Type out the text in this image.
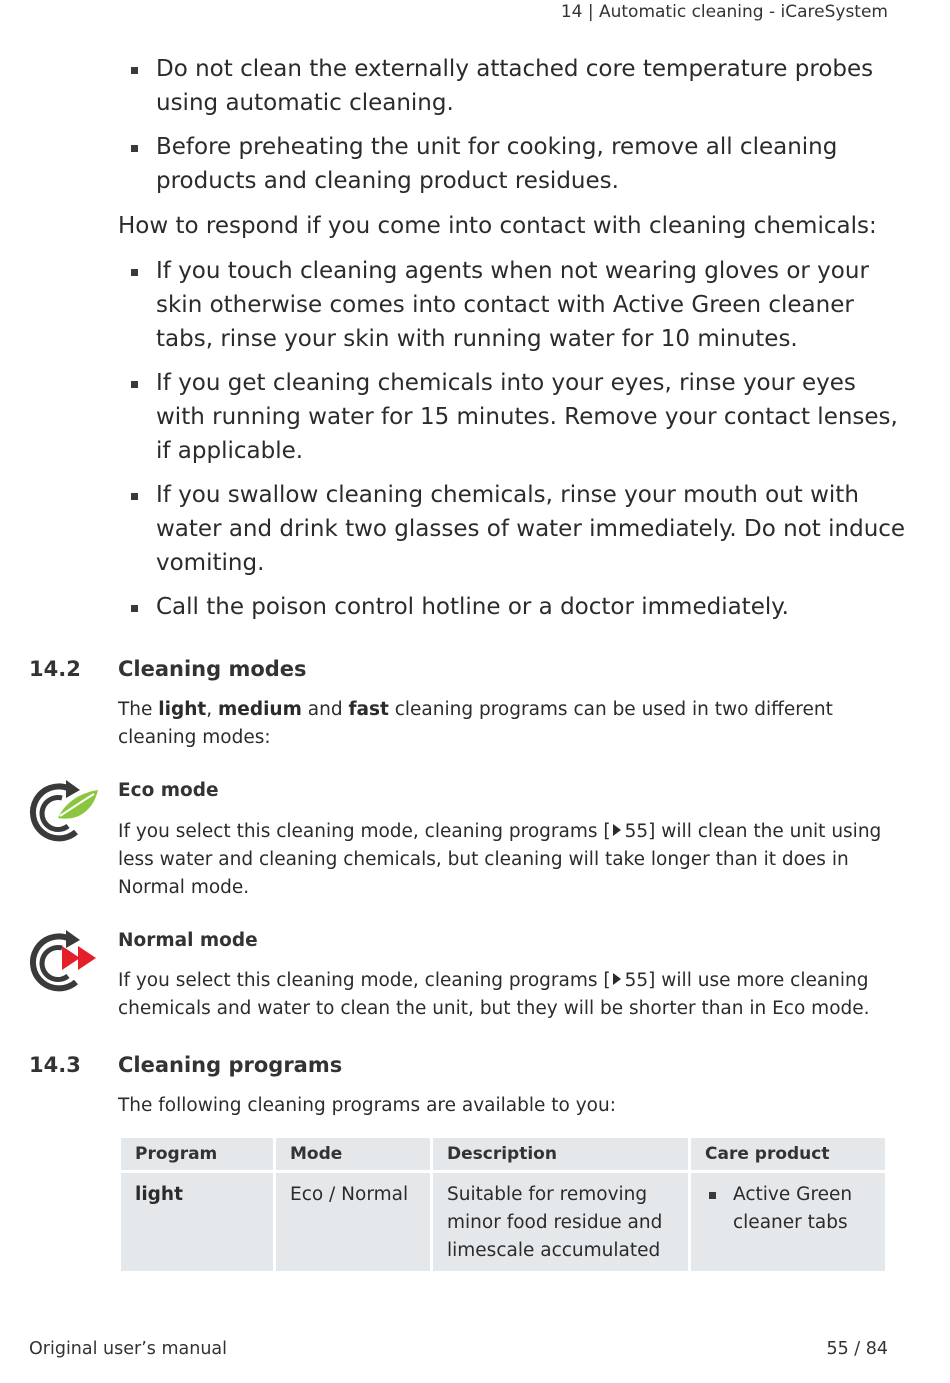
14 | Automatic cleaning - iCareSystem
Do not clean the externally attached core temperature probes using automatic cleaning.
Before preheating the unit for cooking, remove all cleaning products and cleaning product residues.
How to respond if you come into contact with cleaning chemicals:
If you touch cleaning agents when not wearing gloves or your skin otherwise comes into contact with Active Green cleaner tabs, rinse your skin with running water for 10 minutes.
If you get cleaning chemicals into your eyes, rinse your eyes with running water for 15 minutes. Remove your contact lenses, if applicable.
If you swallow cleaning chemicals, rinse your mouth out with water and drink two glasses of water immediately. Do not induce vomiting.
Call the poison control hotline or a doctor immediately.
14.2 Cleaning modes
The light, medium and fast cleaning programs can be used in two different cleaning modes:
Eco mode
If you select this cleaning mode, cleaning programs [ 55] will clean the unit using less water and cleaning chemicals, but cleaning will take longer than it does in Normal mode.
Normal mode
If you select this cleaning mode, cleaning programs [ 55] will use more cleaning chemicals and water to clean the unit, but they will be shorter than in Eco mode.
14.3 Cleaning programs
The following cleaning programs are available to you:
Program	Mode	Description	Care product
light	Eco / Normal	Suitable for removing minor food residue and limescale accumulated	Active Green cleaner tabs
Original user’s manual	55 / 84
